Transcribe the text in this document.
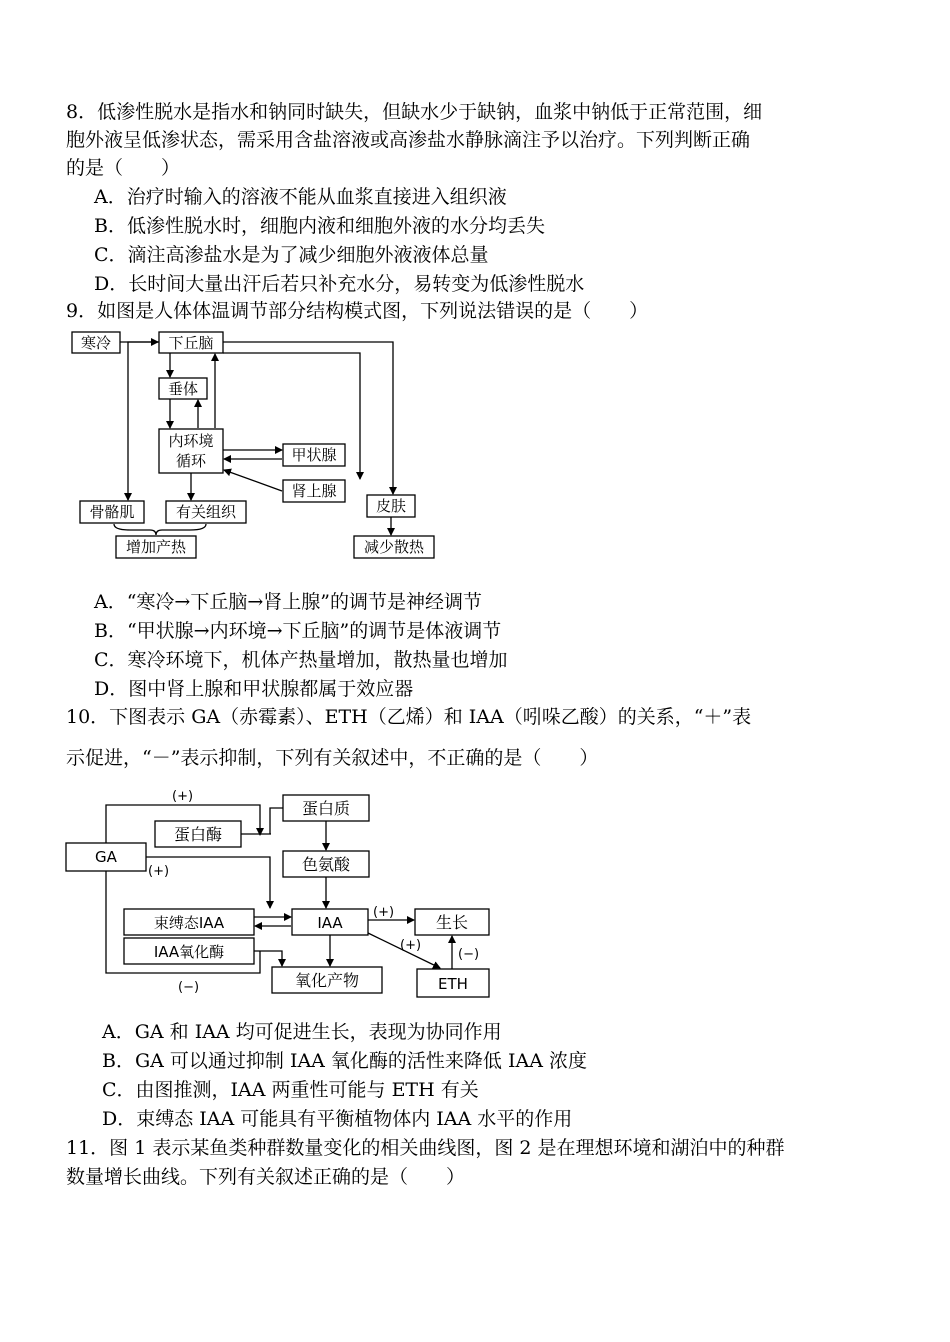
8．低渗性脱水是指水和钠同时缺失，但缺水少于缺钠，血浆中钠低于正常范围，细
胞外液呈低渗状态，需采用含盐溶液或高渗盐水静脉滴注予以治疗。下列判断正确
的是（　　）
A．治疗时输入的溶液不能从血浆直接进入组织液
B．低渗性脱水时，细胞内液和细胞外液的水分均丢失
C．滴注高渗盐水是为了减少细胞外液液体总量
D．长时间大量出汗后若只补充水分，易转变为低渗性脱水
9．如图是人体体温调节部分结构模式图，下列说法错误的是（　　）
寒冷	下丘脑
垂体
内环境
循环	甲状腺
肾上腺
骨骼肌	有关组织	皮肤
增加产热	减少散热
A．“寒冷→下丘脑→肾上腺”的调节是神经调节
B．“甲状腺→内环境→下丘脑”的调节是体液调节
C．寒冷环境下，机体产热量增加，散热量也增加
D．图中肾上腺和甲状腺都属于效应器
10．下图表示 GA（赤霉素）、ETH（乙烯）和 IAA（吲哚乙酸）的关系，“＋”表
示促进，“－”表示抑制，下列有关叙述中，不正确的是（　　）
GA
蛋白质
蛋白酶
色氨酸
束缚态IAA	IAA	生长
IAA氧化酶
氧化产物	ETH
(+)
(+)
(+)
(+)
(−)
(−)
A．GA 和 IAA 均可促进生长，表现为协同作用
B．GA 可以通过抑制 IAA 氧化酶的活性来降低 IAA 浓度
C．由图推测，IAA 两重性可能与 ETH 有关
D．束缚态 IAA 可能具有平衡植物体内 IAA 水平的作用
11．图 1 表示某鱼类种群数量变化的相关曲线图，图 2 是在理想环境和湖泊中的种群
数量增长曲线。下列有关叙述正确的是（　　）
